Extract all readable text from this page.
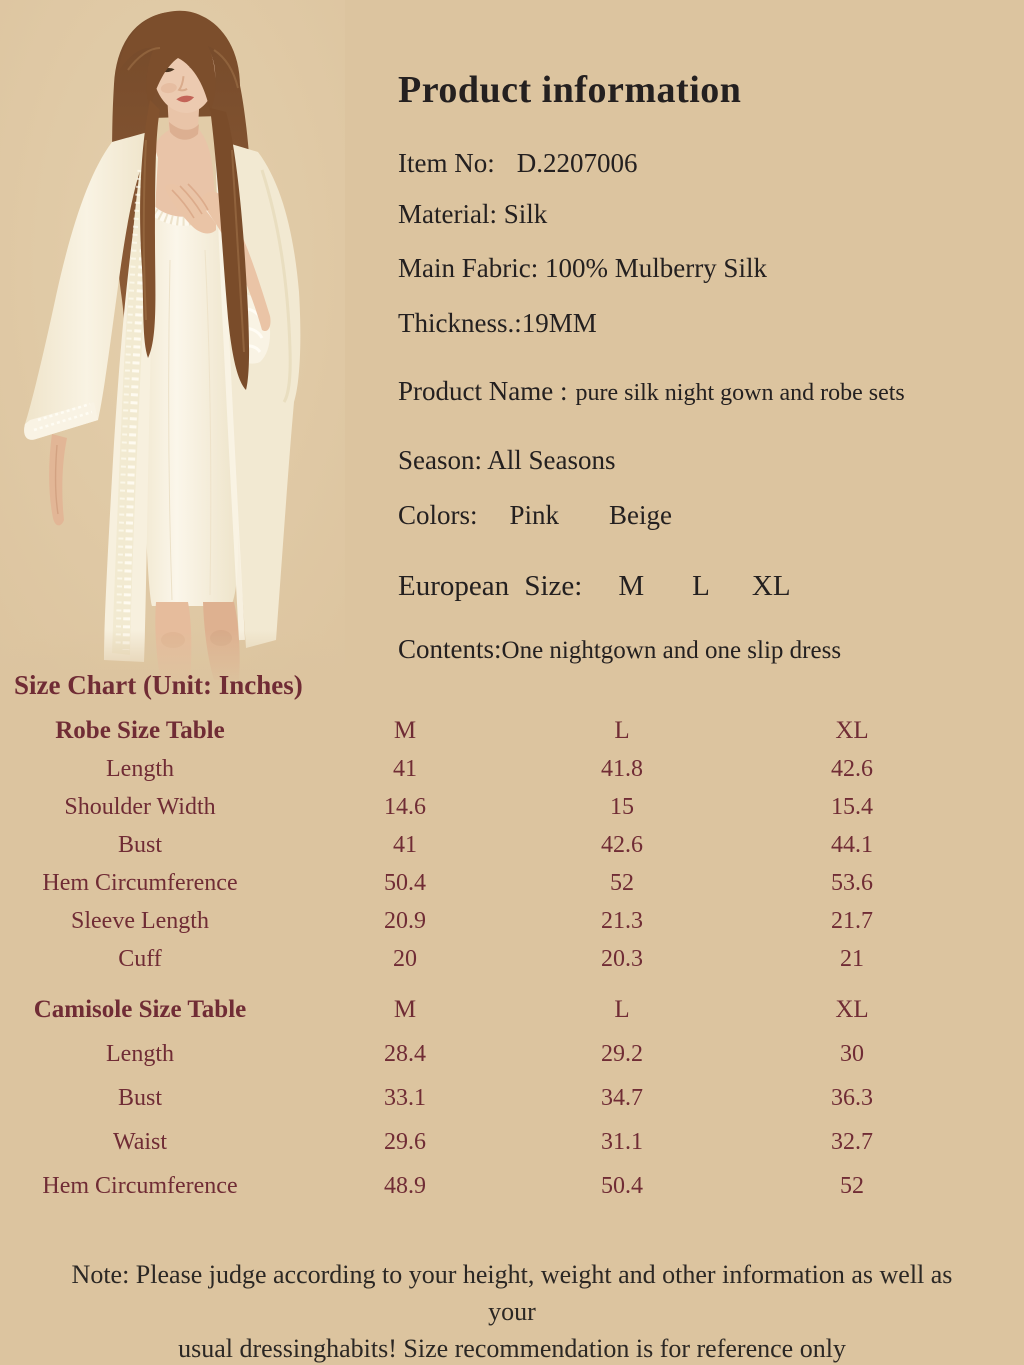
Product information
Item No: D.2207006
Material: Silk
Main Fabric: 100% Mulberry Silk
Thickness.:19MM
Product Name : pure silk night gown and robe sets
Season: All Seasons
Colors: Pink Beige
European Size: M L XL
Contents:One nightgown and one slip dress
Size Chart (Unit: Inches)
Robe Size Table	M	L	XL
Length	41	41.8	42.6
Shoulder Width	14.6	15	15.4
Bust	41	42.6	44.1
Hem Circumference	50.4	52	53.6
Sleeve Length	20.9	21.3	21.7
Cuff	20	20.3	21
Camisole Size Table	M	L	XL
Length	28.4	29.2	30
Bust	33.1	34.7	36.3
Waist	29.6	31.1	32.7
Hem Circumference	48.9	50.4	52
Note: Please judge according to your height, weight and other information as well as
your
usual dressinghabits! Size recommendation is for reference only
